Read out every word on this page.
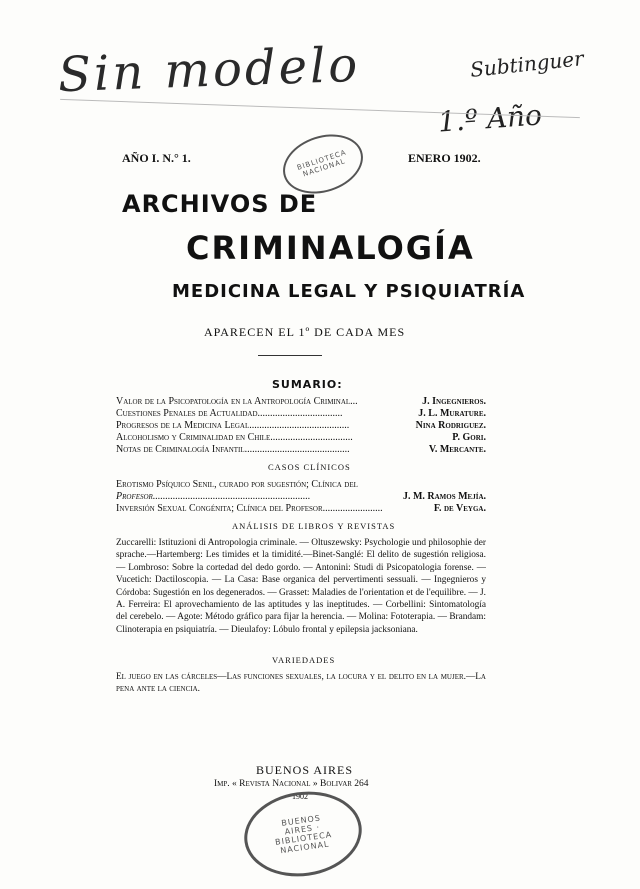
Sin modelo	Subtinguer
1.º Año
BIBLIOTECA NACIONAL
AÑO I. N.° 1.	ENERO 1902.
ARCHIVOS DE
CRIMINALOGÍA
MEDICINA LEGAL Y PSIQUIATRÍA
APARECEN EL 1º DE CADA MES
SUMARIO:
Valor de la Psicopatología en la Antropología Criminal...	J. Ingegnieros.
Cuestiones Penales de Actualidad..................................	J. L. Murature.
Progresos de la Medicina Legal........................................	Nina Rodriguez.
Alcoholismo y Criminalidad en Chile.................................	P. Gori.
Notas de Criminalogía Infantil..........................................	V. Mercante.
CASOS CLÍNICOS
Erotismo Psíquico Senil, curado por sugestión; Clínica del
Profesor...............................................................	J. M. Ramos Mejía.
Inversión Sexual Congénita; Clínica del Profesor........................	F. de Veyga.
ANÁLISIS DE LIBROS Y REVISTAS
Zuccarelli: Istituzioni di Antropologia criminale. — Oltuszewsky: Psychologie und philosophie der sprache.—Hartemberg: Les timides et la timidité.—Binet-Sanglé: El delito de sugestión religiosa. — Lombroso: Sobre la cortedad del dedo gordo. — Antonini: Studi di Psicopatologia forense. — Vucetich: Dactiloscopia. — La Casa: Base organica del pervertimenti sessuali. — Ingegnieros y Córdoba: Sugestión en los degenerados. — Grasset: Maladies de l'orientation et de l'equilibre. — J. A. Ferreira: El aprovechamiento de las aptitudes y las ineptitudes. — Corbellini: Sintomatología del cerebelo. — Agote: Método gráfico para fijar la herencia. — Molina: Fototerapia. — Brandam: Clinoterapia en psiquiatría. — Dieulafoy: Lóbulo frontal y epilepsia jacksoniana.
VARIEDADES
El juego en las cárceles—Las funciones sexuales, la locura y el delito en la mujer.—La pena ante la ciencia.
BUENOS AIRES
Imp. « Revista Nacional » Bolivar 264
1902
BUENOS AIRES · BIBLIOTECA NACIONAL
